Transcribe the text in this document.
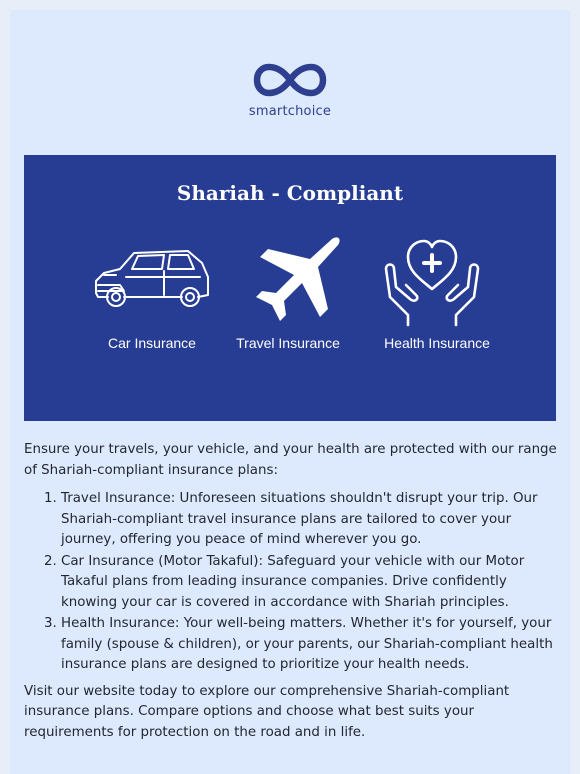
smartchoice
Shariah - Compliant
Car Insurance	Travel Insurance	Health Insurance

Ensure your travels, your vehicle, and your health are protected with our range of Shariah-compliant insurance plans:

1. Travel Insurance: Unforeseen situations shouldn't disrupt your trip. Our Shariah-compliant travel insurance plans are tailored to cover your journey, offering you peace of mind wherever you go.
2. Car Insurance (Motor Takaful): Safeguard your vehicle with our Motor Takaful plans from leading insurance companies. Drive confidently knowing your car is covered in accordance with Shariah principles.
3. Health Insurance: Your well-being matters. Whether it's for yourself, your family (spouse & children), or your parents, our Shariah-compliant health insurance plans are designed to prioritize your health needs.

Visit our website today to explore our comprehensive Shariah-compliant insurance plans. Compare options and choose what best suits your requirements for protection on the road and in life.
